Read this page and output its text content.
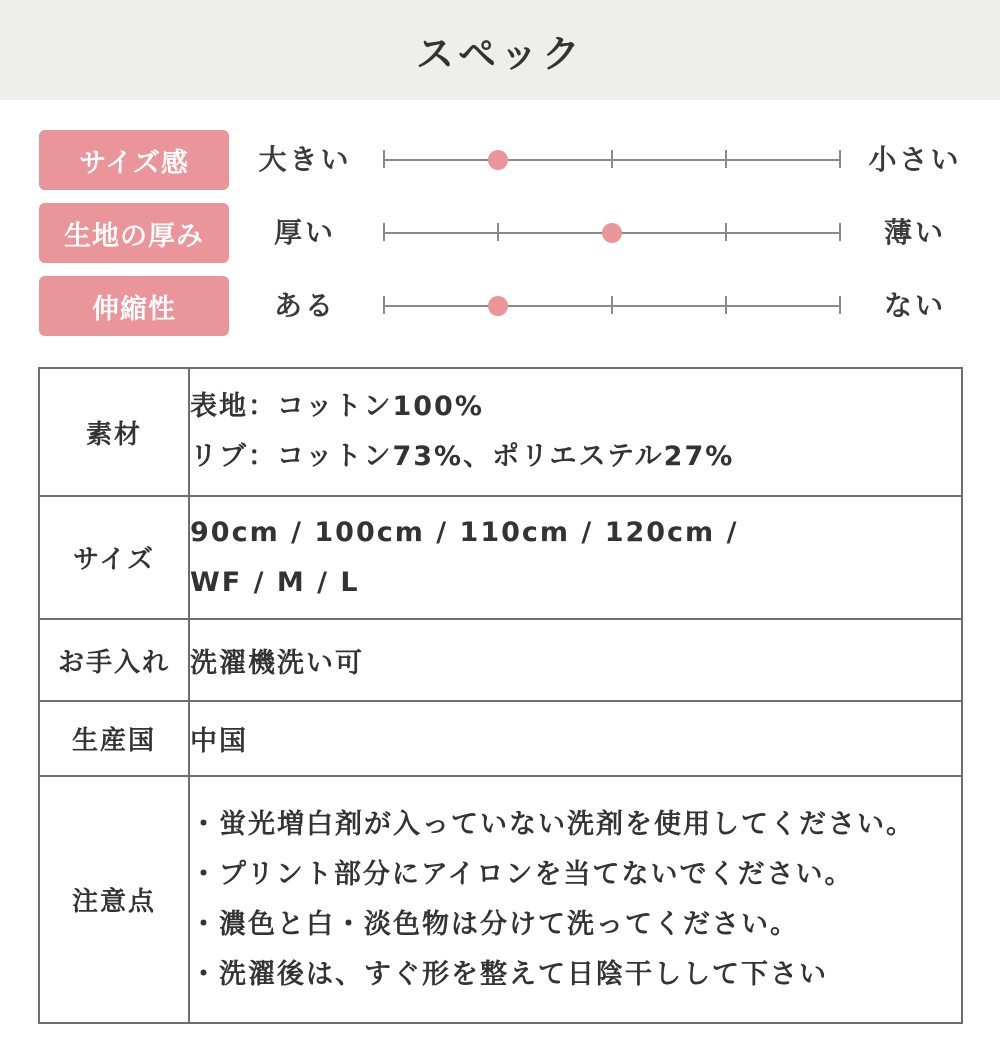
スペック
サイズ感	大きい	小さい
生地の厚み	厚い	薄い
伸縮性	ある	ない
素材	表地：コットン100%
リブ：コットン73%、ポリエステル27%

サイズ	90cm / 100cm / 110cm / 120cm /
WF / M / L

お手入れ	洗濯機洗い可
生産国	中国
注意点	・蛍光増白剤が入っていない洗剤を使用してください。
・プリント部分にアイロンを当てないでください。
・濃色と白・淡色物は分けて洗ってください。
・洗濯後は、すぐ形を整えて日陰干しして下さい
